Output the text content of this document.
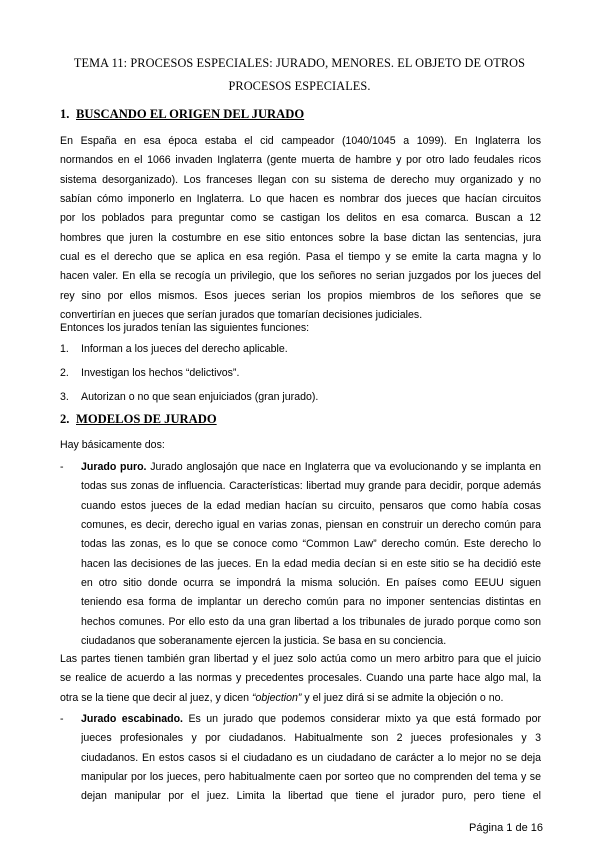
TEMA 11: PROCESOS ESPECIALES: JURADO, MENORES. EL OBJETO DE OTROS
PROCESOS ESPECIALES.
1. BUSCANDO EL ORIGEN DEL JURADO
En España en esa época estaba el cid campeador (1040/1045 a 1099). En Inglaterra los
normandos en el 1066 invaden Inglaterra (gente muerta de hambre y por otro lado feudales ricos
sistema desorganizado). Los franceses llegan con su sistema de derecho muy organizado y no
sabían cómo imponerlo en Inglaterra. Lo que hacen es nombrar dos jueces que hacían circuitos
por los poblados para preguntar como se castigan los delitos en esa comarca. Buscan a 12
hombres que juren la costumbre en ese sitio entonces sobre la base dictan las sentencias, jura
cual es el derecho que se aplica en esa región. Pasa el tiempo y se emite la carta magna y lo
hacen valer. En ella se recogía un privilegio, que los señores no serian juzgados por los jueces del
rey sino por ellos mismos. Esos jueces serian los propios miembros de los señores que se
convertirían en jueces que serían jurados que tomarían decisiones judiciales.
Entonces los jurados tenían las siguientes funciones:
1. Informan a los jueces del derecho aplicable.
2. Investigan los hechos “delictivos”.
3. Autorizan o no que sean enjuiciados (gran jurado).
2. MODELOS DE JURADO
Hay básicamente dos:
- Jurado puro. Jurado anglosajón que nace en Inglaterra que va evolucionando y se implanta en
todas sus zonas de influencia. Características: libertad muy grande para decidir, porque además
cuando estos jueces de la edad median hacían su circuito, pensaros que como había cosas
comunes, es decir, derecho igual en varias zonas, piensan en construir un derecho común para
todas las zonas, es lo que se conoce como “Common Law” derecho común. Este derecho lo
hacen las decisiones de las jueces. En la edad media decían si en este sitio se ha decidió este
en otro sitio donde ocurra se impondrá la misma solución. En países como EEUU siguen
teniendo esa forma de implantar un derecho común para no imponer sentencias distintas en
hechos comunes. Por ello esto da una gran libertad a los tribunales de jurado porque como son
ciudadanos que soberanamente ejercen la justicia. Se basa en su conciencia.
Las partes tienen también gran libertad y el juez solo actúa como un mero arbitro para que el juicio
se realice de acuerdo a las normas y precedentes procesales. Cuando una parte hace algo mal, la
otra se la tiene que decir al juez, y dicen “objection” y el juez dirá si se admite la objeción o no.
- Jurado escabinado. Es un jurado que podemos considerar mixto ya que está formado por
jueces profesionales y por ciudadanos. Habitualmente son 2 jueces profesionales y 3
ciudadanos. En estos casos si el ciudadano es un ciudadano de carácter a lo mejor no se deja
manipular por los jueces, pero habitualmente caen por sorteo que no comprenden del tema y se
dejan manipular por el juez. Limita la libertad que tiene el jurador puro, pero tiene el
Página 1 de 16
